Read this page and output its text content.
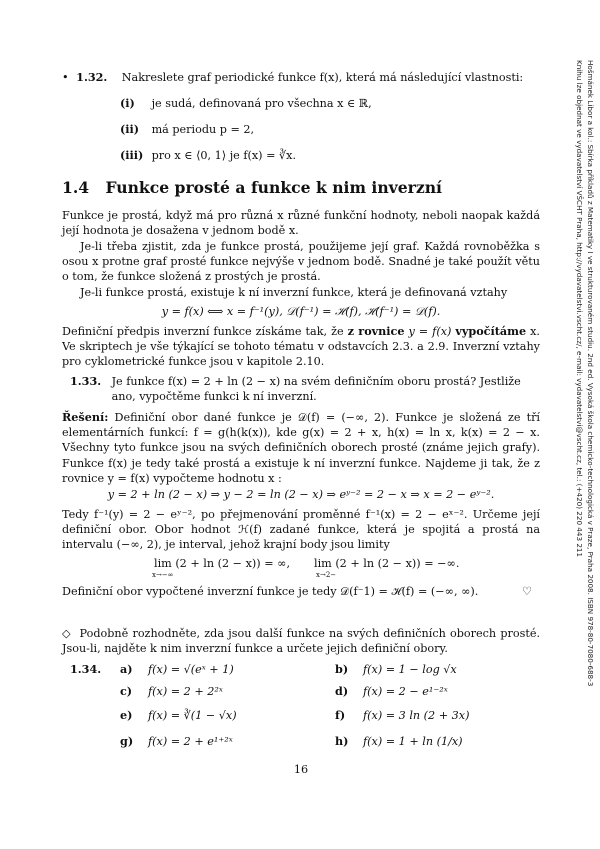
• 1.32. Nakreslete graf periodické funkce f(x), která má následující vlastnosti:
(i) je sudá, definovaná pro všechna x ∈ ℝ,
(ii) má periodu p = 2,
(iii) pro x ∈ ⟨0, 1⟩ je f(x) = ∛x.
1.4 Funkce prosté a funkce k nim inverzní
Funkce je prostá, když má pro různá x různé funkční hodnoty, neboli naopak každá její hodnota je dosažena v jednom bodě x.
Je-li třeba zjistit, zda je funkce prostá, použijeme její graf. Každá rovnoběžka s osou x protne graf prosté funkce nejvýše v jednom bodě. Snadné je také použít větu o tom, že funkce složená z prostých je prostá.
Je-li funkce prostá, existuje k ní inverzní funkce, která je definovaná vztahy
y = f(x) ⟺ x = f⁻¹(y), 𝒟(f⁻¹) = ℋ(f), ℋ(f⁻¹) = 𝒟(f).
Definiční předpis inverzní funkce získáme tak, že z rovnice y = f(x) vypočítáme x. Ve skriptech je vše týkající se tohoto tématu v odstavcích 2.3. a 2.9. Inverzní vztahy pro cyklometrické funkce jsou v kapitole 2.10.
1.33. Je funkce f(x) = 2 + ln (2 − x) na svém definičním oboru prostá? Jestliže ano, vypočtěme funkci k ní inverzní.
Řešení: Definiční obor dané funkce je 𝒟(f) = (−∞, 2). Funkce je složená ze tří elementárních funkcí: f = g(h(k(x)), kde g(x) = 2 + x, h(x) = ln x, k(x) = 2 − x. Všechny tyto funkce jsou na svých definičních oborech prosté (známe jejich grafy). Funkce f(x) je tedy také prostá a existuje k ní inverzní funkce. Najdeme ji tak, že z rovnice y = f(x) vypočteme hodnotu x :
y = 2 + ln (2 − x) ⇒ y − 2 = ln (2 − x) ⇒ eʸ⁻² = 2 − x ⇒ x = 2 − eʸ⁻².
Tedy f⁻¹(y) = 2 − eʸ⁻², po přejmenování proměnné f⁻¹(x) = 2 − eˣ⁻². Určeme její definiční obor. Obor hodnot ℋ(f) zadané funkce, která je spojitá a prostá na intervalu (−∞, 2), je interval, jehož krajní body jsou limity
lim (2 + ln (2 − x)) = ∞,
x→−∞
lim (2 + ln (2 − x)) = −∞.
x→2−
Definiční obor vypočtené inverzní funkce je tedy 𝒟(f⁻1) = ℋ(f) = (−∞, ∞).	♡
◇ Podobně rozhodněte, zda jsou další funkce na svých definičních oborech prosté. Jsou-li, najděte k nim inverzní funkce a určete jejich definiční obory.
1.34. a) f(x) = √(eˣ + 1)	b) f(x) = 1 − log √x
c) f(x) = 2 + 2²ˣ	d) f(x) = 2 − e¹⁻²ˣ
e) f(x) = ∛(1 − √x)	f) f(x) = 3 ln (2 + 3x)
g) f(x) = 2 + e¹⁺²ˣ	h) f(x) = 1 + ln (1/x)
16
Hošmánek Libor a kol.: Sbírka příkladů z Matematiky I ve strukturovaném studiu. 2nd ed. Vysoká škola chemicko-technologická v Praze, Praha 2008. ISBN 978-80-7080-688-3
Knihu lze objednat ve vydavatelství VŠCHT Praha, http://vydavatelstvi.vscht.cz/, e-mail: vydavatelstvi@vscht.cz, tel.: (+420) 220 443 211
